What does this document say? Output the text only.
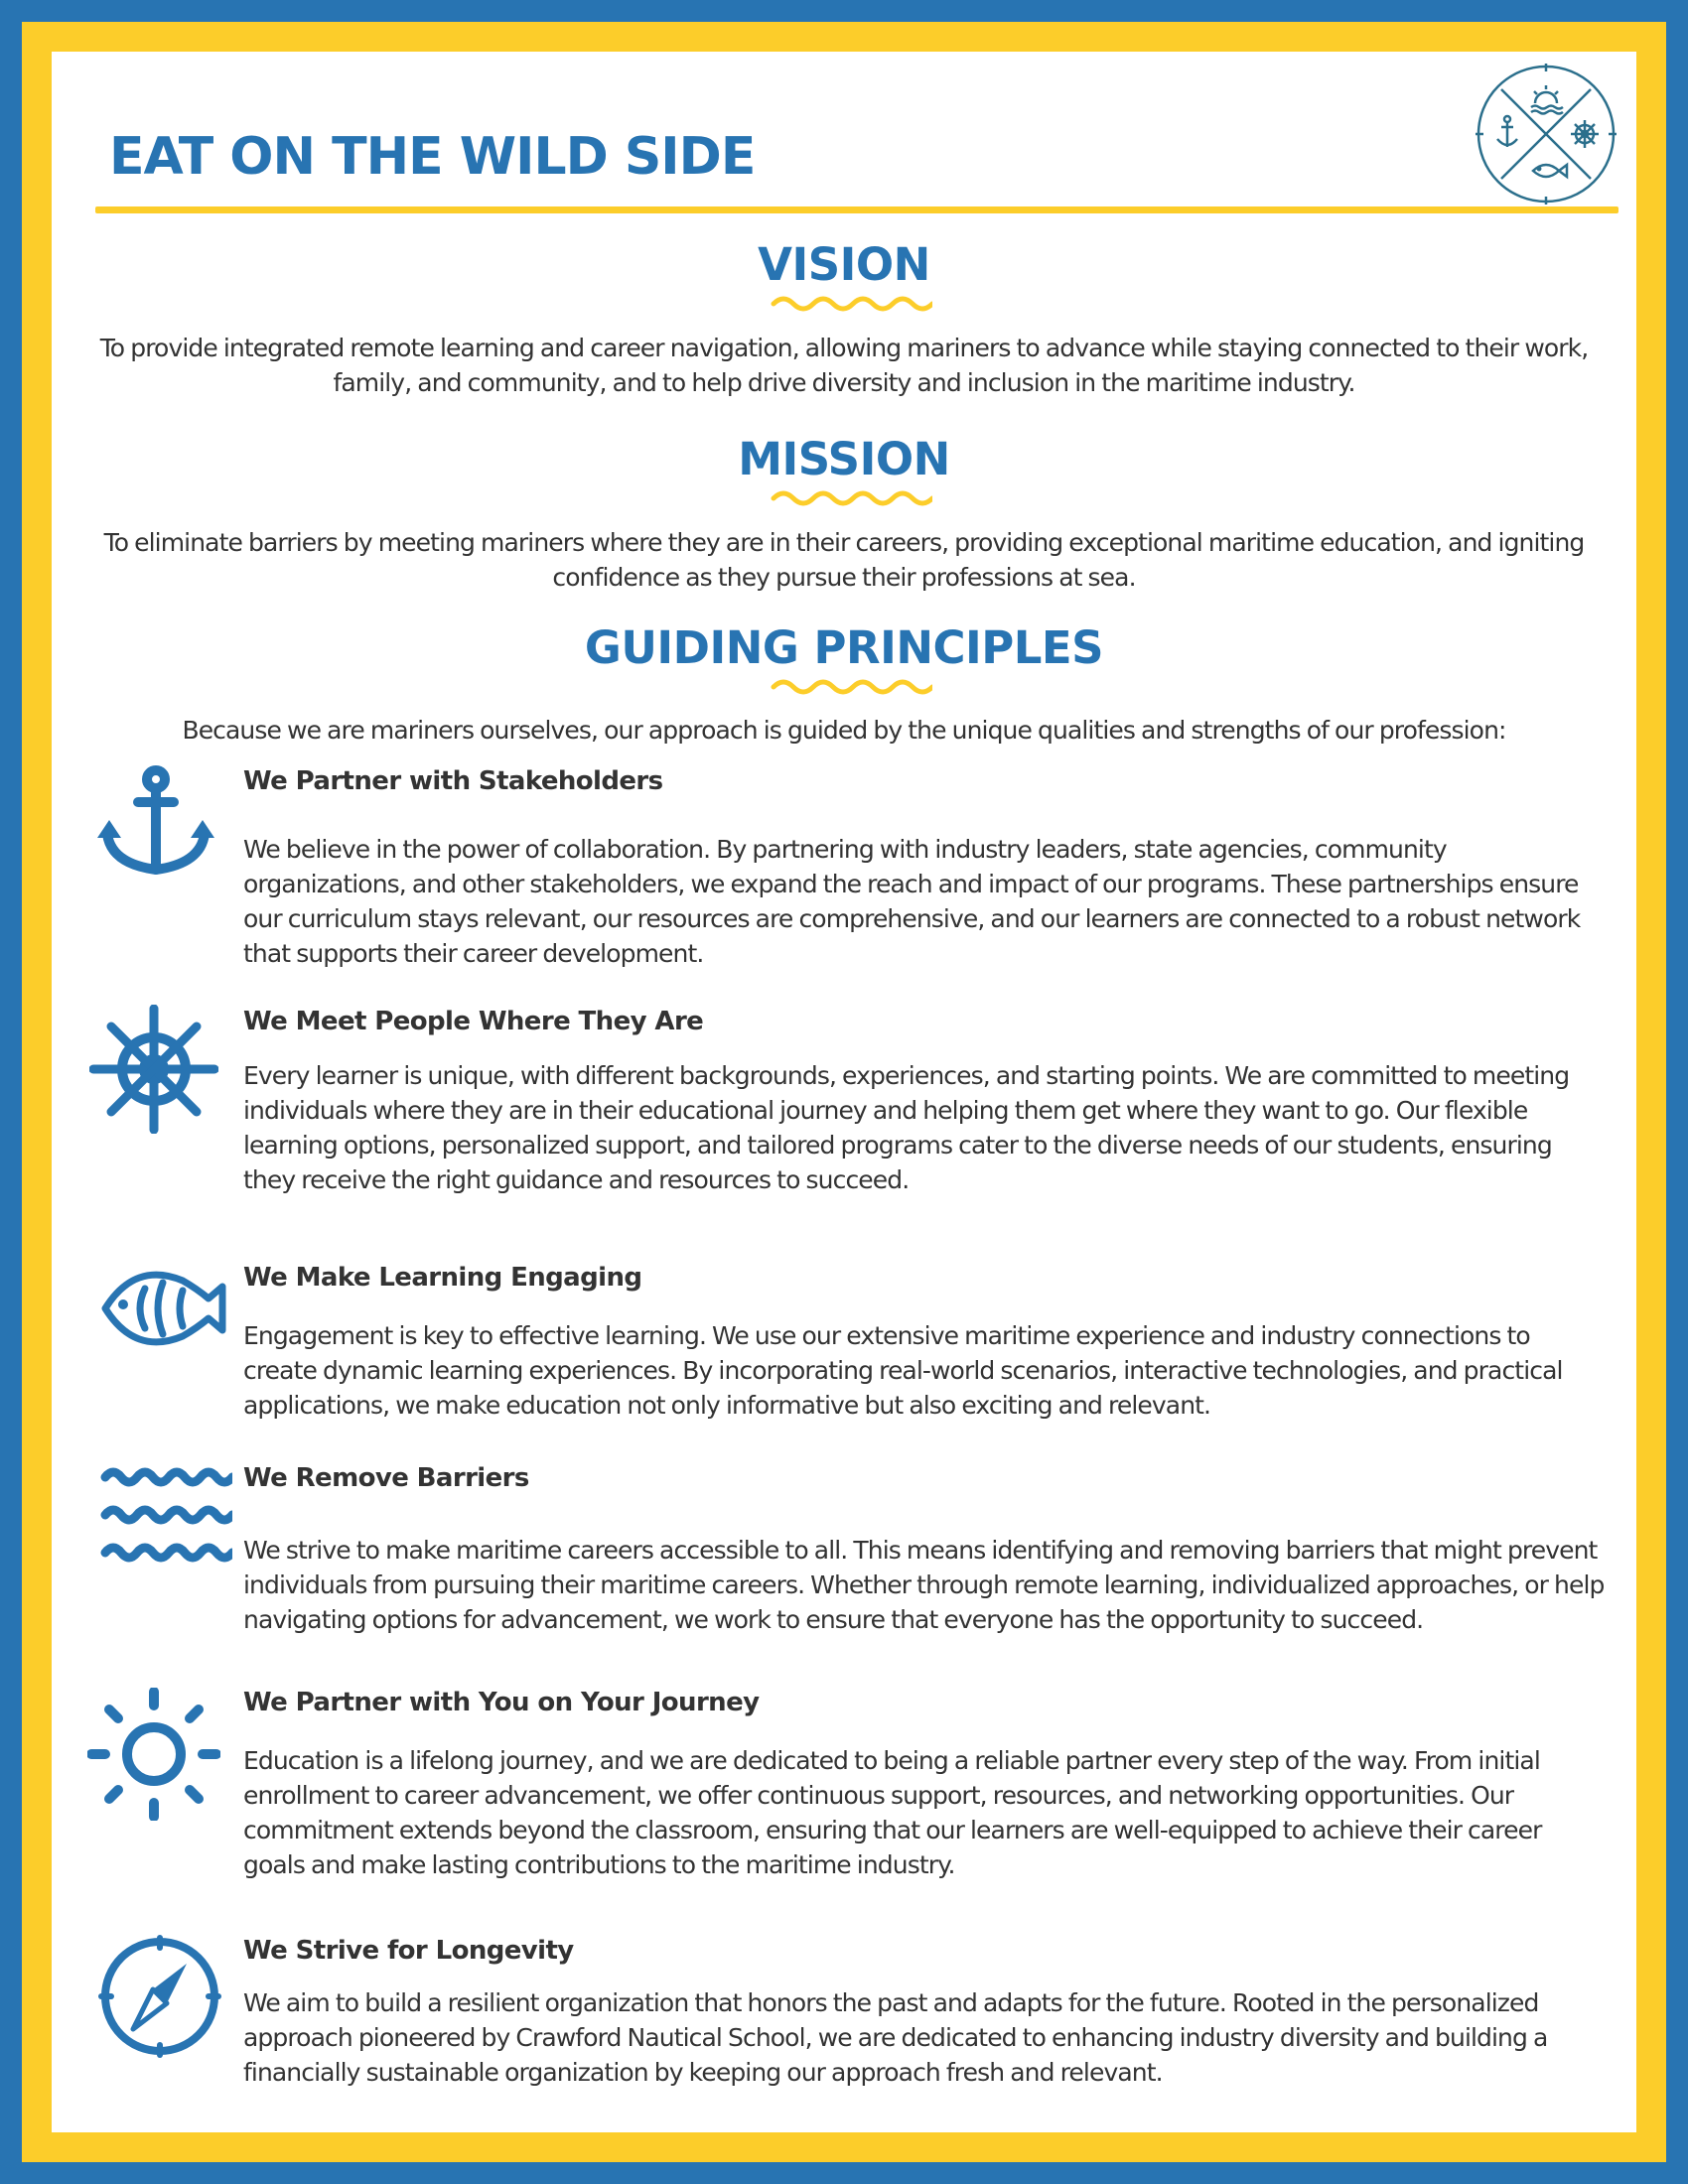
EAT ON THE WILD SIDE
VISION

To provide integrated remote learning and career navigation, allowing mariners to advance while staying connected to their work, family, and community, and to help drive diversity and inclusion in the maritime industry.

MISSION

To eliminate barriers by meeting mariners where they are in their careers, providing exceptional maritime education, and igniting confidence as they pursue their professions at sea.

GUIDING PRINCIPLES

Because we are mariners ourselves, our approach is guided by the unique qualities and strengths of our profession:

We Partner with Stakeholders

We believe in the power of collaboration. By partnering with industry leaders, state agencies, community organizations, and other stakeholders, we expand the reach and impact of our programs. These partnerships ensure our curriculum stays relevant, our resources are comprehensive, and our learners are connected to a robust network that supports their career development.

We Meet People Where They Are

Every learner is unique, with different backgrounds, experiences, and starting points. We are committed to meeting individuals where they are in their educational journey and helping them get where they want to go. Our flexible learning options, personalized support, and tailored programs cater to the diverse needs of our students, ensuring they receive the right guidance and resources to succeed.

We Make Learning Engaging

Engagement is key to effective learning. We use our extensive maritime experience and industry connections to create dynamic learning experiences. By incorporating real-world scenarios, interactive technologies, and practical applications, we make education not only informative but also exciting and relevant.

We Remove Barriers

We strive to make maritime careers accessible to all. This means identifying and removing barriers that might prevent individuals from pursuing their maritime careers. Whether through remote learning, individualized approaches, or help navigating options for advancement, we work to ensure that everyone has the opportunity to succeed.

We Partner with You on Your Journey

Education is a lifelong journey, and we are dedicated to being a reliable partner every step of the way. From initial enrollment to career advancement, we offer continuous support, resources, and networking opportunities. Our commitment extends beyond the classroom, ensuring that our learners are well-equipped to achieve their career goals and make lasting contributions to the maritime industry.

We Strive for Longevity

We aim to build a resilient organization that honors the past and adapts for the future. Rooted in the personalized approach pioneered by Crawford Nautical School, we are dedicated to enhancing industry diversity and building a financially sustainable organization by keeping our approach fresh and relevant.
